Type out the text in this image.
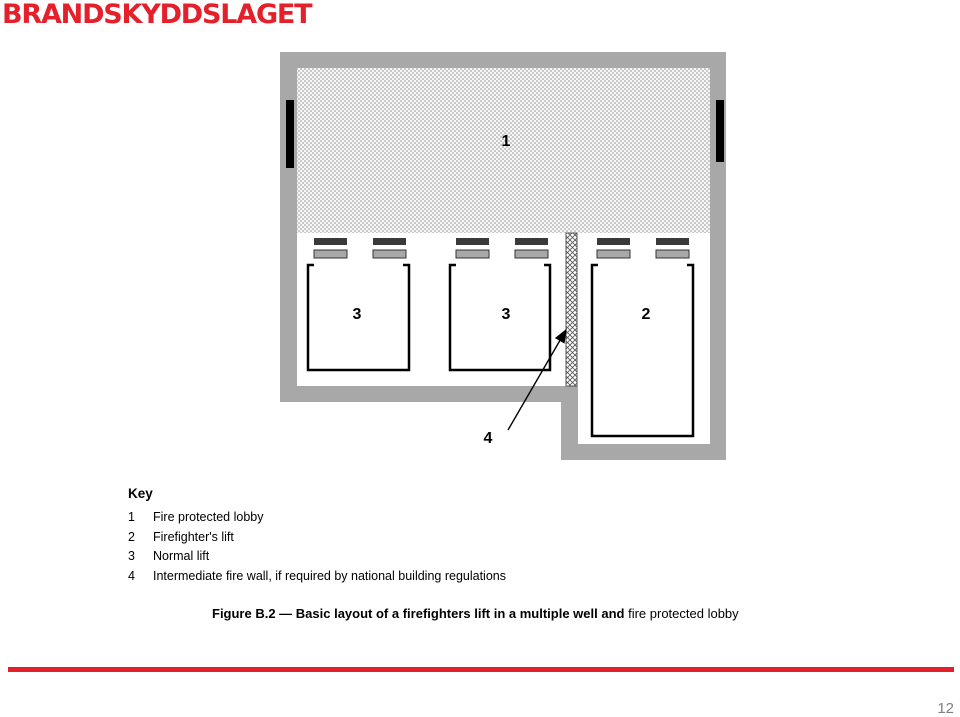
BRANDSKYDDSLAGET
1
3	3	2
4
Key
1	Fire protected lobby
2	Firefighter's lift
3	Normal lift
4	Intermediate fire wall, if required by national building regulations
Figure B.2 — Basic layout of a firefighters lift in a multiple well and fire protected lobby
12
